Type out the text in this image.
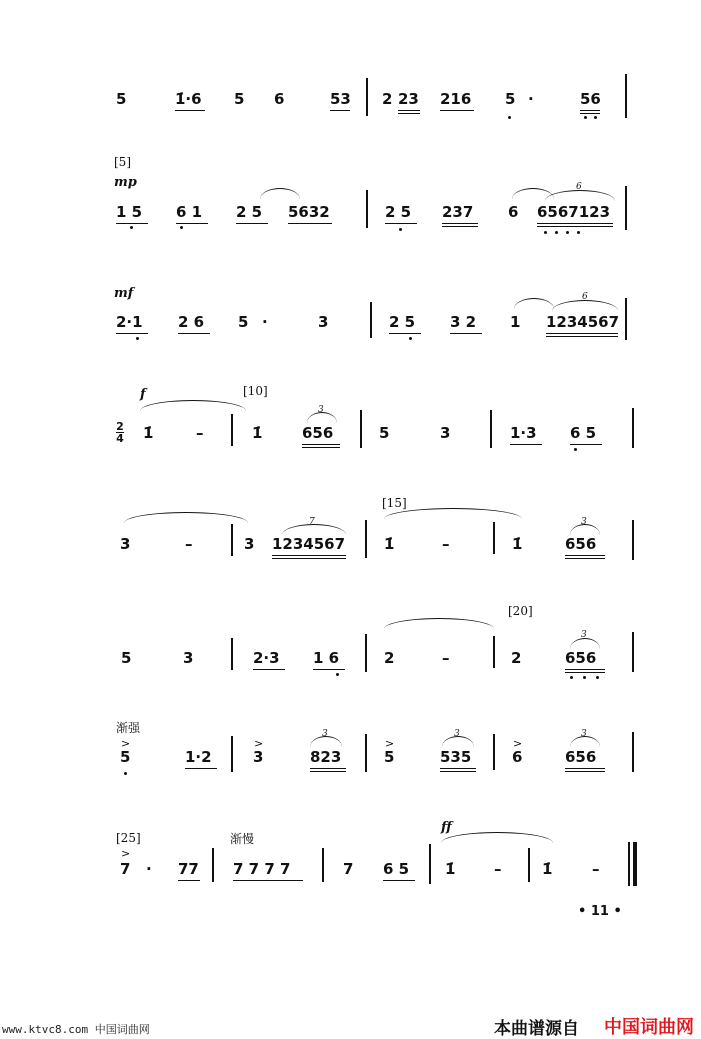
5	1̇·6 5 6	53 2 23 216 5 ·	56
[5]
mp
1 5 6 1 2 5 5632	2 5 237 6 6567123
6
mf
2·1 2 6 5 ·	3	2 5 3 2 1 1234567
6
f	[10]
2
4 1̇	–	1̇	656
3
5	3	1·3 6 5
[15]
3	–	3 1234567
7
1̇	–	1̇	656
3
[20]
5	3	2·3 1 6	2	–	2	656
3
渐强
>
5	1·2
>
3	823
3
>
5	535
3
>
6	656
3
[25]
>
渐慢
ff
7 · 77 7 7 7 7	7 6 5 1̇	–	1̇	–
• 11 •
www.ktvc8.com 中国词曲网	本曲谱源自 中国词曲网
